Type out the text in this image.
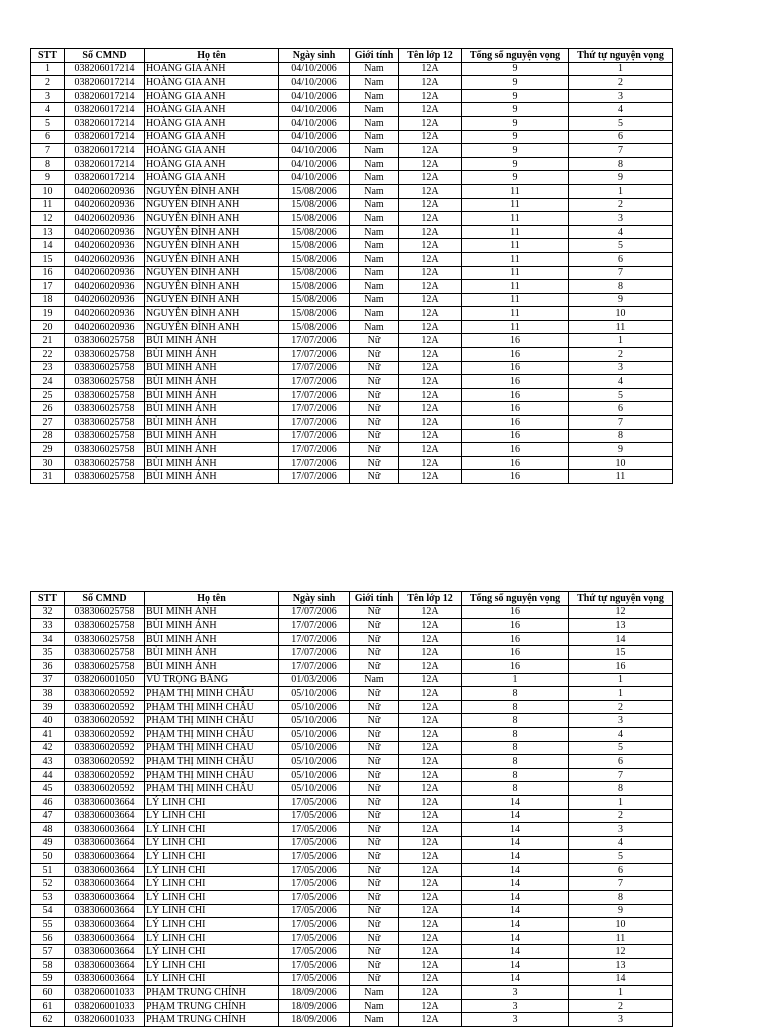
STT	Số CMND	Họ tên	Ngày sinh	Giới tính	Tên lớp 12	Tổng số nguyện vọng	Thứ tự nguyện vọng
1	038206017214	HOÀNG GIA ANH	04/10/2006	Nam	12A	9	1
2	038206017214	HOÀNG GIA ANH	04/10/2006	Nam	12A	9	2
3	038206017214	HOÀNG GIA ANH	04/10/2006	Nam	12A	9	3
4	038206017214	HOÀNG GIA ANH	04/10/2006	Nam	12A	9	4
5	038206017214	HOÀNG GIA ANH	04/10/2006	Nam	12A	9	5
6	038206017214	HOÀNG GIA ANH	04/10/2006	Nam	12A	9	6
7	038206017214	HOÀNG GIA ANH	04/10/2006	Nam	12A	9	7
8	038206017214	HOÀNG GIA ANH	04/10/2006	Nam	12A	9	8
9	038206017214	HOÀNG GIA ANH	04/10/2006	Nam	12A	9	9
10	040206020936	NGUYỄN ĐÌNH ANH	15/08/2006	Nam	12A	11	1
11	040206020936	NGUYỄN ĐÌNH ANH	15/08/2006	Nam	12A	11	2
12	040206020936	NGUYỄN ĐÌNH ANH	15/08/2006	Nam	12A	11	3
13	040206020936	NGUYỄN ĐÌNH ANH	15/08/2006	Nam	12A	11	4
14	040206020936	NGUYỄN ĐÌNH ANH	15/08/2006	Nam	12A	11	5
15	040206020936	NGUYỄN ĐÌNH ANH	15/08/2006	Nam	12A	11	6
16	040206020936	NGUYỄN ĐÌNH ANH	15/08/2006	Nam	12A	11	7
17	040206020936	NGUYỄN ĐÌNH ANH	15/08/2006	Nam	12A	11	8
18	040206020936	NGUYỄN ĐÌNH ANH	15/08/2006	Nam	12A	11	9
19	040206020936	NGUYỄN ĐÌNH ANH	15/08/2006	Nam	12A	11	10
20	040206020936	NGUYỄN ĐÌNH ANH	15/08/2006	Nam	12A	11	11
21	038306025758	BÙI MINH ÁNH	17/07/2006	Nữ	12A	16	1
22	038306025758	BÙI MINH ÁNH	17/07/2006	Nữ	12A	16	2
23	038306025758	BÙI MINH ÁNH	17/07/2006	Nữ	12A	16	3
24	038306025758	BÙI MINH ÁNH	17/07/2006	Nữ	12A	16	4
25	038306025758	BÙI MINH ÁNH	17/07/2006	Nữ	12A	16	5
26	038306025758	BÙI MINH ÁNH	17/07/2006	Nữ	12A	16	6
27	038306025758	BÙI MINH ÁNH	17/07/2006	Nữ	12A	16	7
28	038306025758	BÙI MINH ÁNH	17/07/2006	Nữ	12A	16	8
29	038306025758	BÙI MINH ÁNH	17/07/2006	Nữ	12A	16	9
30	038306025758	BÙI MINH ÁNH	17/07/2006	Nữ	12A	16	10
31	038306025758	BÙI MINH ÁNH	17/07/2006	Nữ	12A	16	11
STT	Số CMND	Họ tên	Ngày sinh	Giới tính	Tên lớp 12	Tổng số nguyện vọng	Thứ tự nguyện vọng
32	038306025758	BÙI MINH ÁNH	17/07/2006	Nữ	12A	16	12
33	038306025758	BÙI MINH ÁNH	17/07/2006	Nữ	12A	16	13
34	038306025758	BÙI MINH ÁNH	17/07/2006	Nữ	12A	16	14
35	038306025758	BÙI MINH ÁNH	17/07/2006	Nữ	12A	16	15
36	038306025758	BÙI MINH ÁNH	17/07/2006	Nữ	12A	16	16
37	038206001050	VŨ TRỌNG BẰNG	01/03/2006	Nam	12A	1	1
38	038306020592	PHẠM THỊ MINH CHÂU	05/10/2006	Nữ	12A	8	1
39	038306020592	PHẠM THỊ MINH CHÂU	05/10/2006	Nữ	12A	8	2
40	038306020592	PHẠM THỊ MINH CHÂU	05/10/2006	Nữ	12A	8	3
41	038306020592	PHẠM THỊ MINH CHÂU	05/10/2006	Nữ	12A	8	4
42	038306020592	PHẠM THỊ MINH CHÂU	05/10/2006	Nữ	12A	8	5
43	038306020592	PHẠM THỊ MINH CHÂU	05/10/2006	Nữ	12A	8	6
44	038306020592	PHẠM THỊ MINH CHÂU	05/10/2006	Nữ	12A	8	7
45	038306020592	PHẠM THỊ MINH CHÂU	05/10/2006	Nữ	12A	8	8
46	038306003664	LÝ LINH CHI	17/05/2006	Nữ	12A	14	1
47	038306003664	LÝ LINH CHI	17/05/2006	Nữ	12A	14	2
48	038306003664	LÝ LINH CHI	17/05/2006	Nữ	12A	14	3
49	038306003664	LÝ LINH CHI	17/05/2006	Nữ	12A	14	4
50	038306003664	LÝ LINH CHI	17/05/2006	Nữ	12A	14	5
51	038306003664	LÝ LINH CHI	17/05/2006	Nữ	12A	14	6
52	038306003664	LÝ LINH CHI	17/05/2006	Nữ	12A	14	7
53	038306003664	LÝ LINH CHI	17/05/2006	Nữ	12A	14	8
54	038306003664	LÝ LINH CHI	17/05/2006	Nữ	12A	14	9
55	038306003664	LÝ LINH CHI	17/05/2006	Nữ	12A	14	10
56	038306003664	LÝ LINH CHI	17/05/2006	Nữ	12A	14	11
57	038306003664	LÝ LINH CHI	17/05/2006	Nữ	12A	14	12
58	038306003664	LÝ LINH CHI	17/05/2006	Nữ	12A	14	13
59	038306003664	LÝ LINH CHI	17/05/2006	Nữ	12A	14	14
60	038206001033	PHẠM TRUNG CHÍNH	18/09/2006	Nam	12A	3	1
61	038206001033	PHẠM TRUNG CHÍNH	18/09/2006	Nam	12A	3	2
62	038206001033	PHẠM TRUNG CHÍNH	18/09/2006	Nam	12A	3	3
